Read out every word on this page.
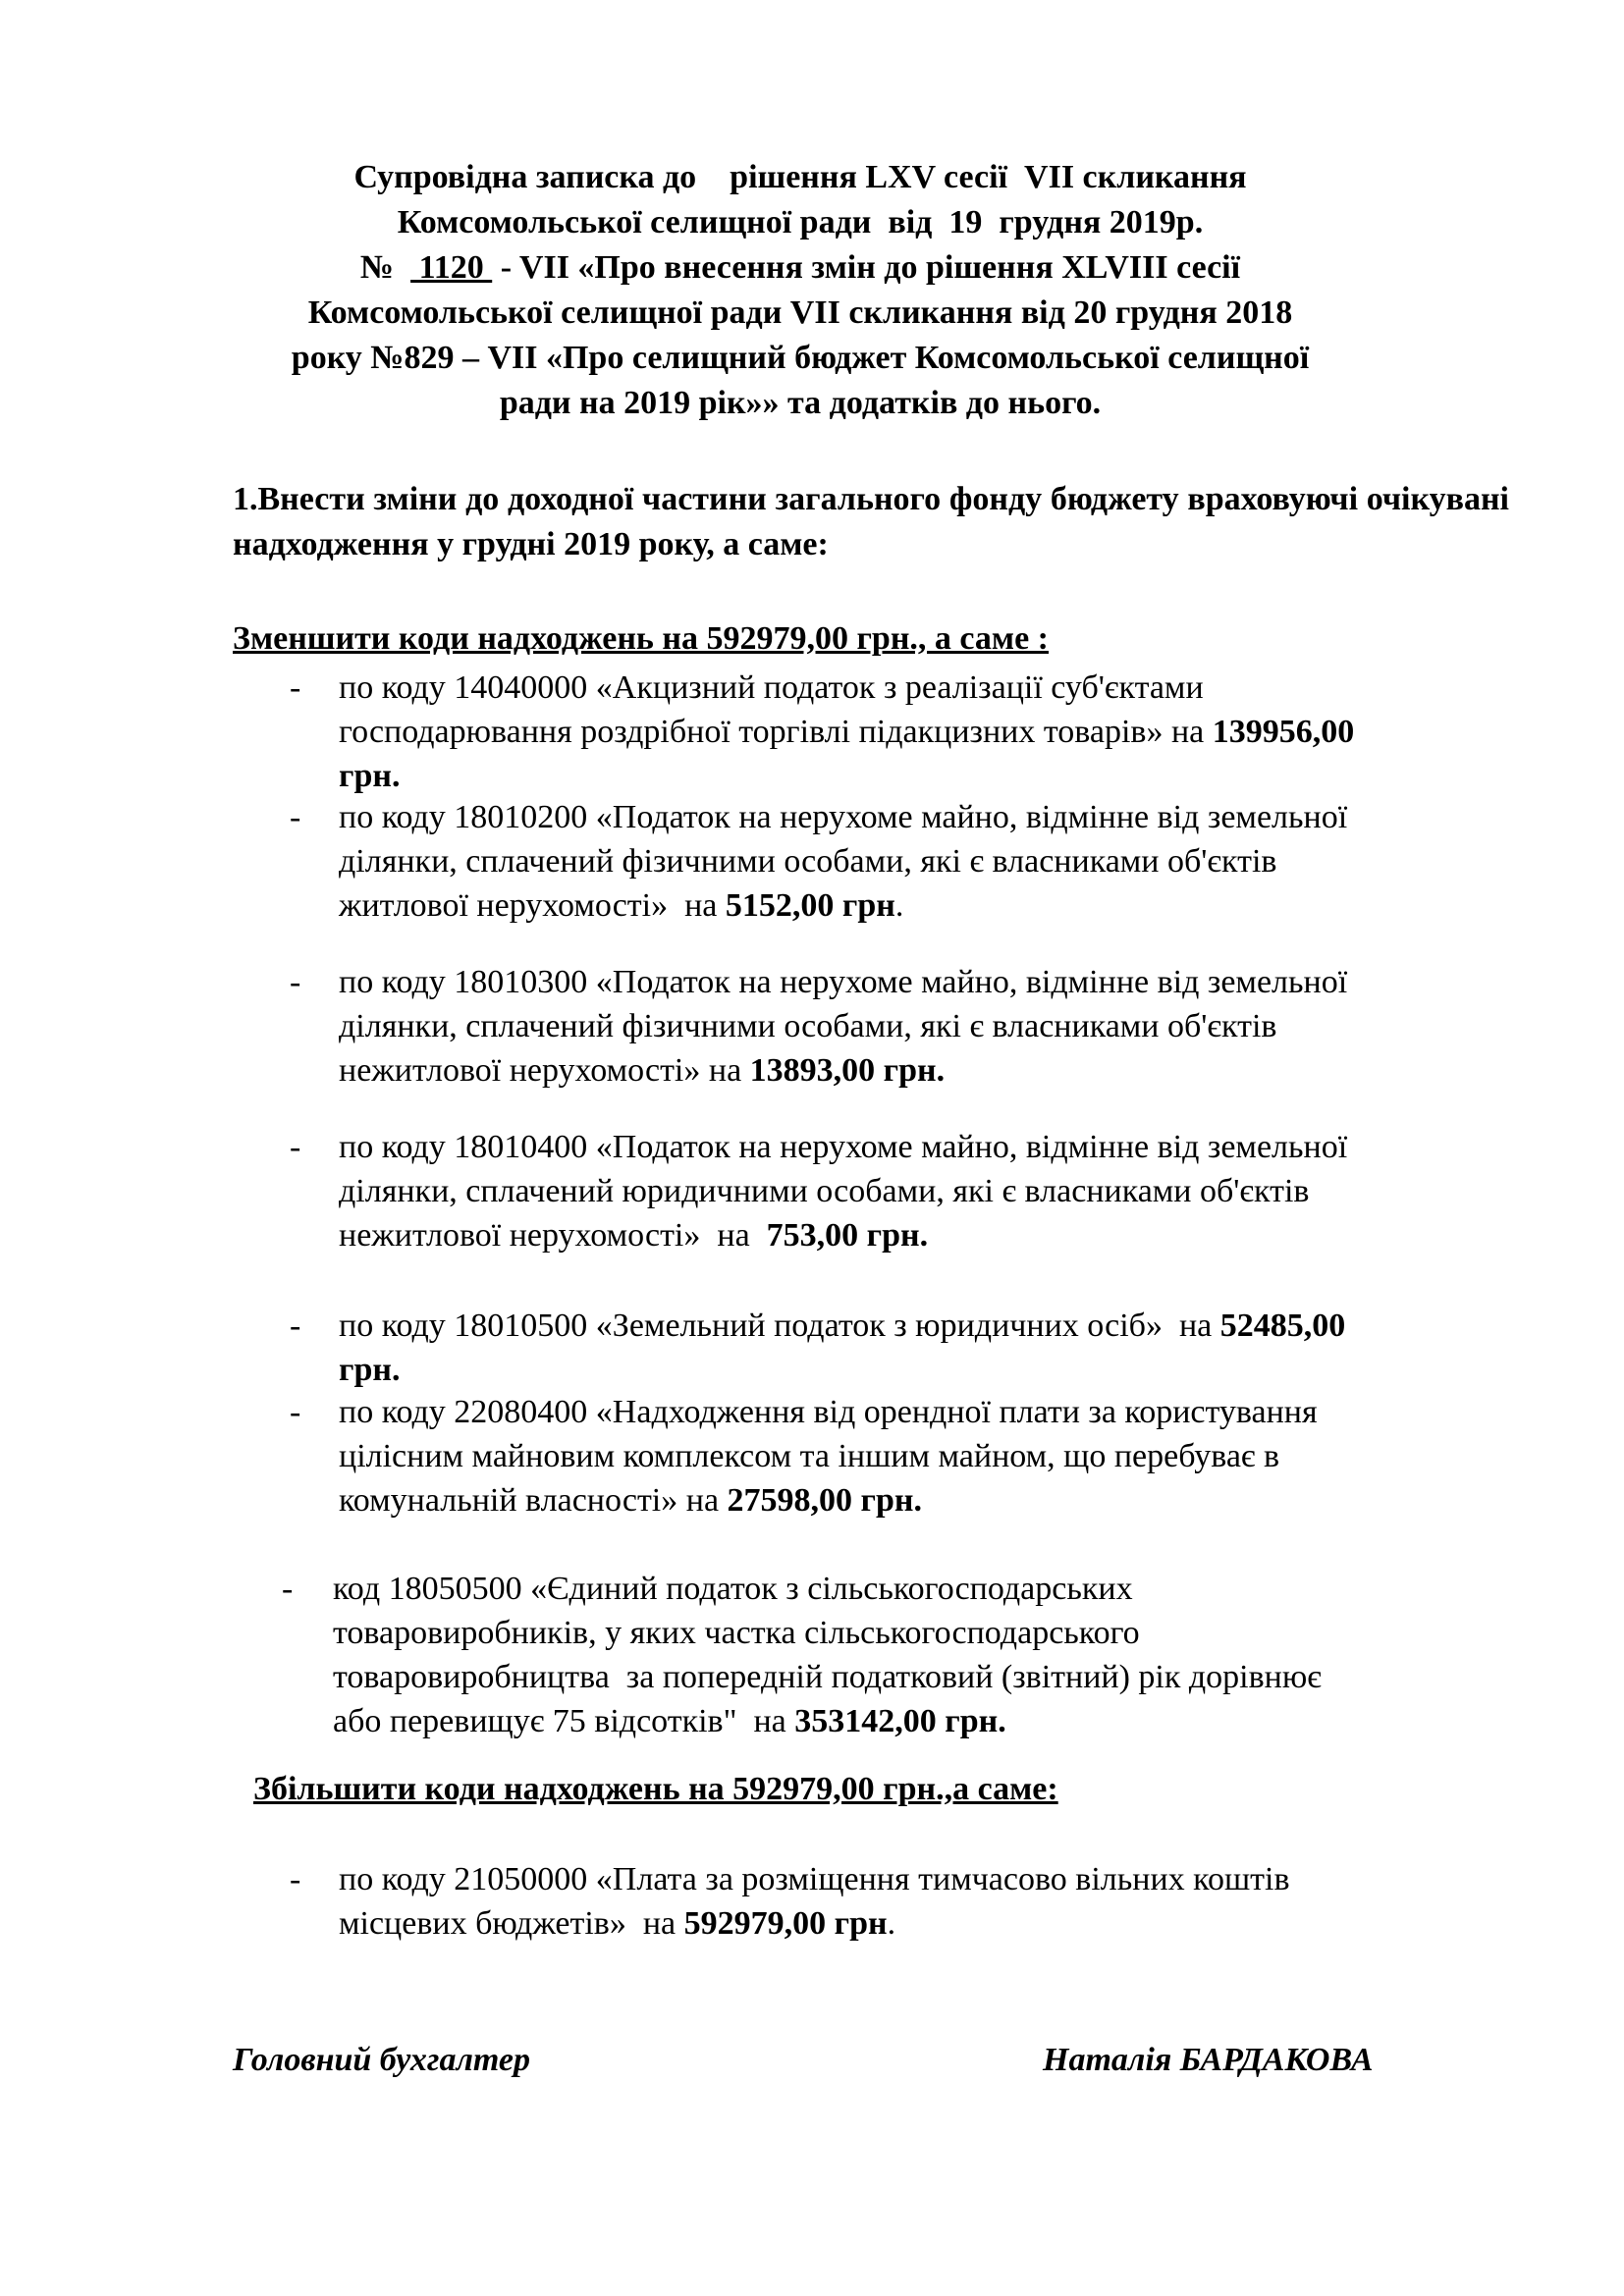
Супровідна записка до    рішення LXV сесії  VII скликання
Комсомольської селищної ради  від  19  грудня 2019р.
№   1120  - VII «Про внесення змін до рішення XLVIII сесії
Комсомольської селищної ради VII скликання від 20 грудня 2018
року №829 – VII «Про селищний бюджет Комсомольської селищної
ради на 2019 рік»» та додатків до нього.
1.Внести зміни до доходної частини загального фонду бюджету враховуючі очікувані надходження у грудні 2019 року, а саме:
Зменшити коди надходжень на 592979,00 грн., а саме :
- по коду 14040000 «Акцизний податок з реалізації суб'єктами
господарювання роздрібної торгівлі підакцизних товарів» на 139956,00
грн.
- по коду 18010200 «Податок на нерухоме майно, відмінне від земельної
ділянки, сплачений фізичними особами, які є власниками об'єктів
житлової нерухомості»  на 5152,00 грн.
- по коду 18010300 «Податок на нерухоме майно, відмінне від земельної
ділянки, сплачений фізичними особами, які є власниками об'єктів
нежитлової нерухомості» на 13893,00 грн.
- по коду 18010400 «Податок на нерухоме майно, відмінне від земельної
ділянки, сплачений юридичними особами, які є власниками об'єктів
нежитлової нерухомості»  на  753,00 грн.
- по коду 18010500 «Земельний податок з юридичних осіб»  на 52485,00
грн.
- по коду 22080400 «Надходження від орендної плати за користування
цілісним майновим комплексом та іншим майном, що перебуває в
комунальній власності» на 27598,00 грн.
- код 18050500 «Єдиний податок з сільськогосподарських
товаровиробників, у яких частка сільськогосподарського
товаровиробництва  за попередній податковий (звітний) рік дорівнює
або перевищує 75 відсотків"  на 353142,00 грн.
Збільшити коди надходжень на 592979,00 грн.,а саме:
- по коду 21050000 «Плата за розміщення тимчасово вільних коштів
місцевих бюджетів»  на 592979,00 грн.
Головний бухгалтер	Наталія БАРДАКОВА
